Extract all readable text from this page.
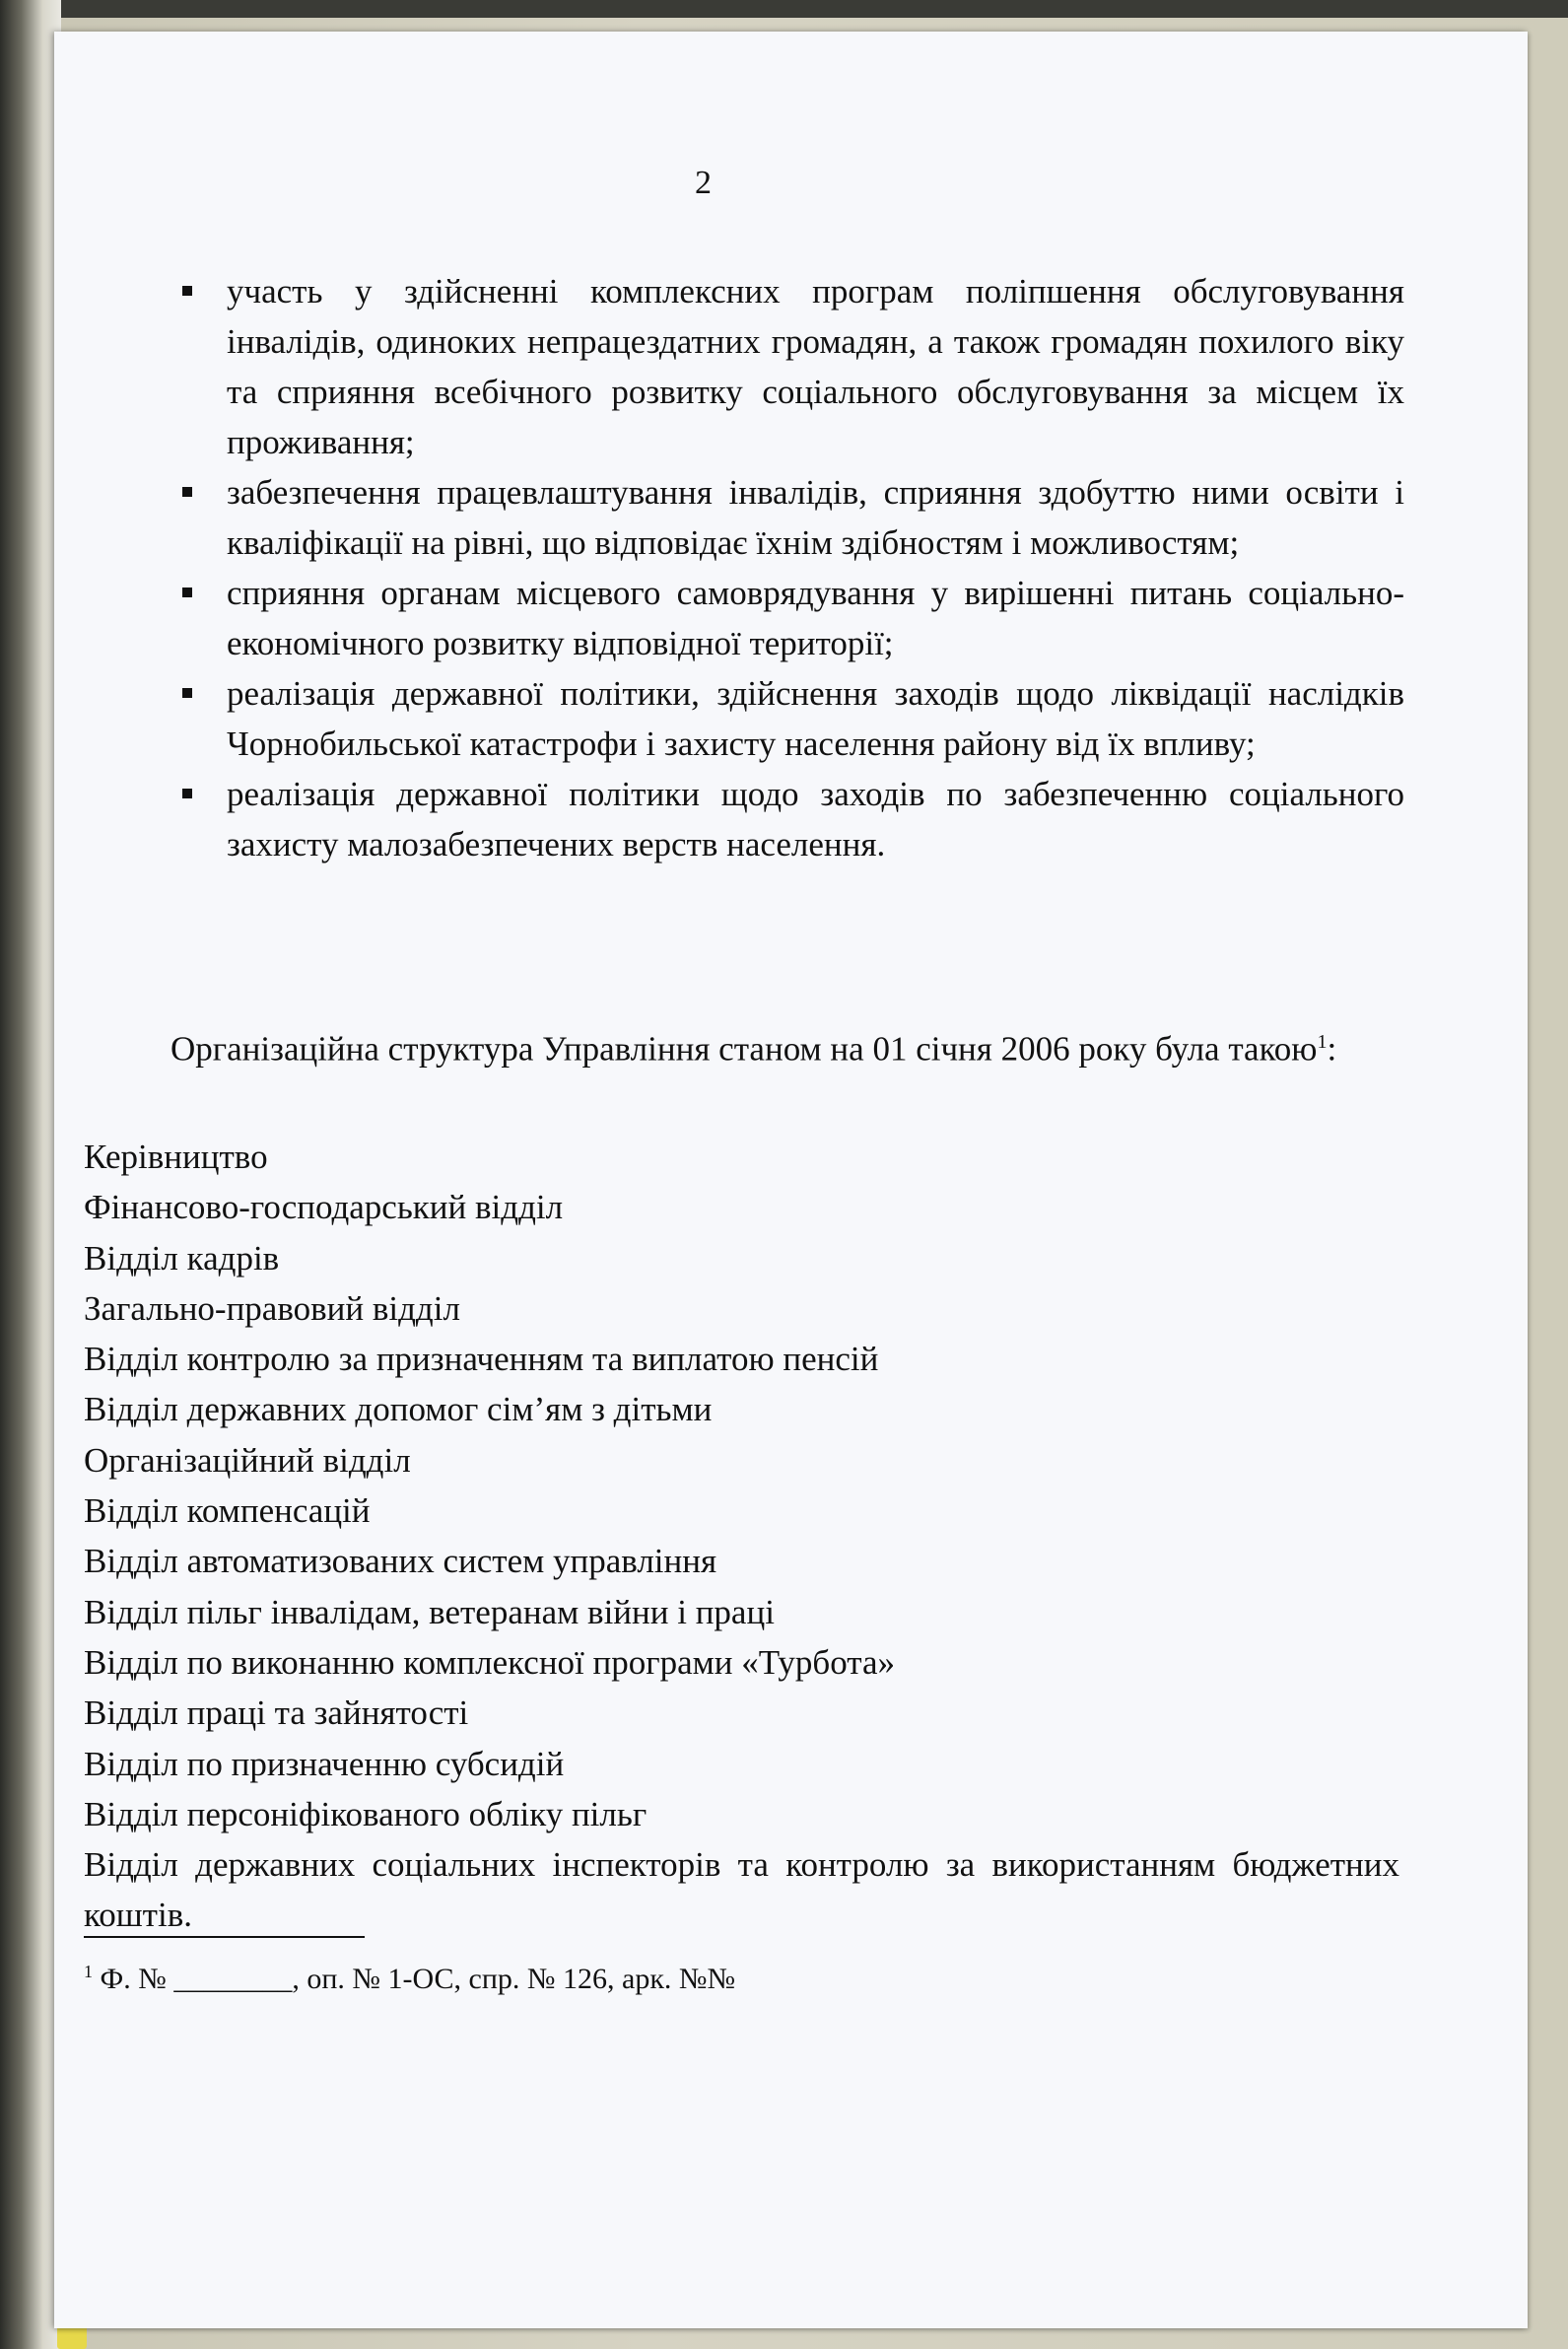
2
участь у здійсненні комплексних програм поліпшення обслуговування інвалідів, одиноких непрацездатних громадян, а також громадян похилого віку та сприяння всебічного розвитку соціального обслуговування за місцем їх проживання;
забезпечення працевлаштування інвалідів, сприяння здобуттю ними освіти і кваліфікації на рівні, що відповідає їхнім здібностям і можливостям;
сприяння органам місцевого самоврядування у вирішенні питань соціально-економічного розвитку відповідної території;
реалізація державної політики, здійснення заходів щодо ліквідації наслідків Чорнобильської катастрофи і захисту населення району від їх впливу;
реалізація державної політики щодо заходів по забезпеченню соціального захисту малозабезпечених верств населення.
Організаційна структура Управління станом на 01 січня 2006 року була такою$^1$:
Керівництво
Фінансово-господарський відділ
Відділ кадрів
Загально-правовий відділ
Відділ контролю за призначенням та виплатою пенсій
Відділ державних допомог сім’ям з дітьми
Організаційний відділ
Відділ компенсацій
Відділ автоматизованих систем управління
Відділ пільг інвалідам, ветеранам війни і праці
Відділ по виконанню комплексної програми «Турбота»
Відділ праці та зайнятості
Відділ по призначенню субсидій
Відділ персоніфікованого обліку пільг
Відділ державних соціальних інспекторів та контролю за використанням бюджетних коштів.
$^1$ Ф. № ________, оп. № 1-ОС, спр. № 126, арк. №№
